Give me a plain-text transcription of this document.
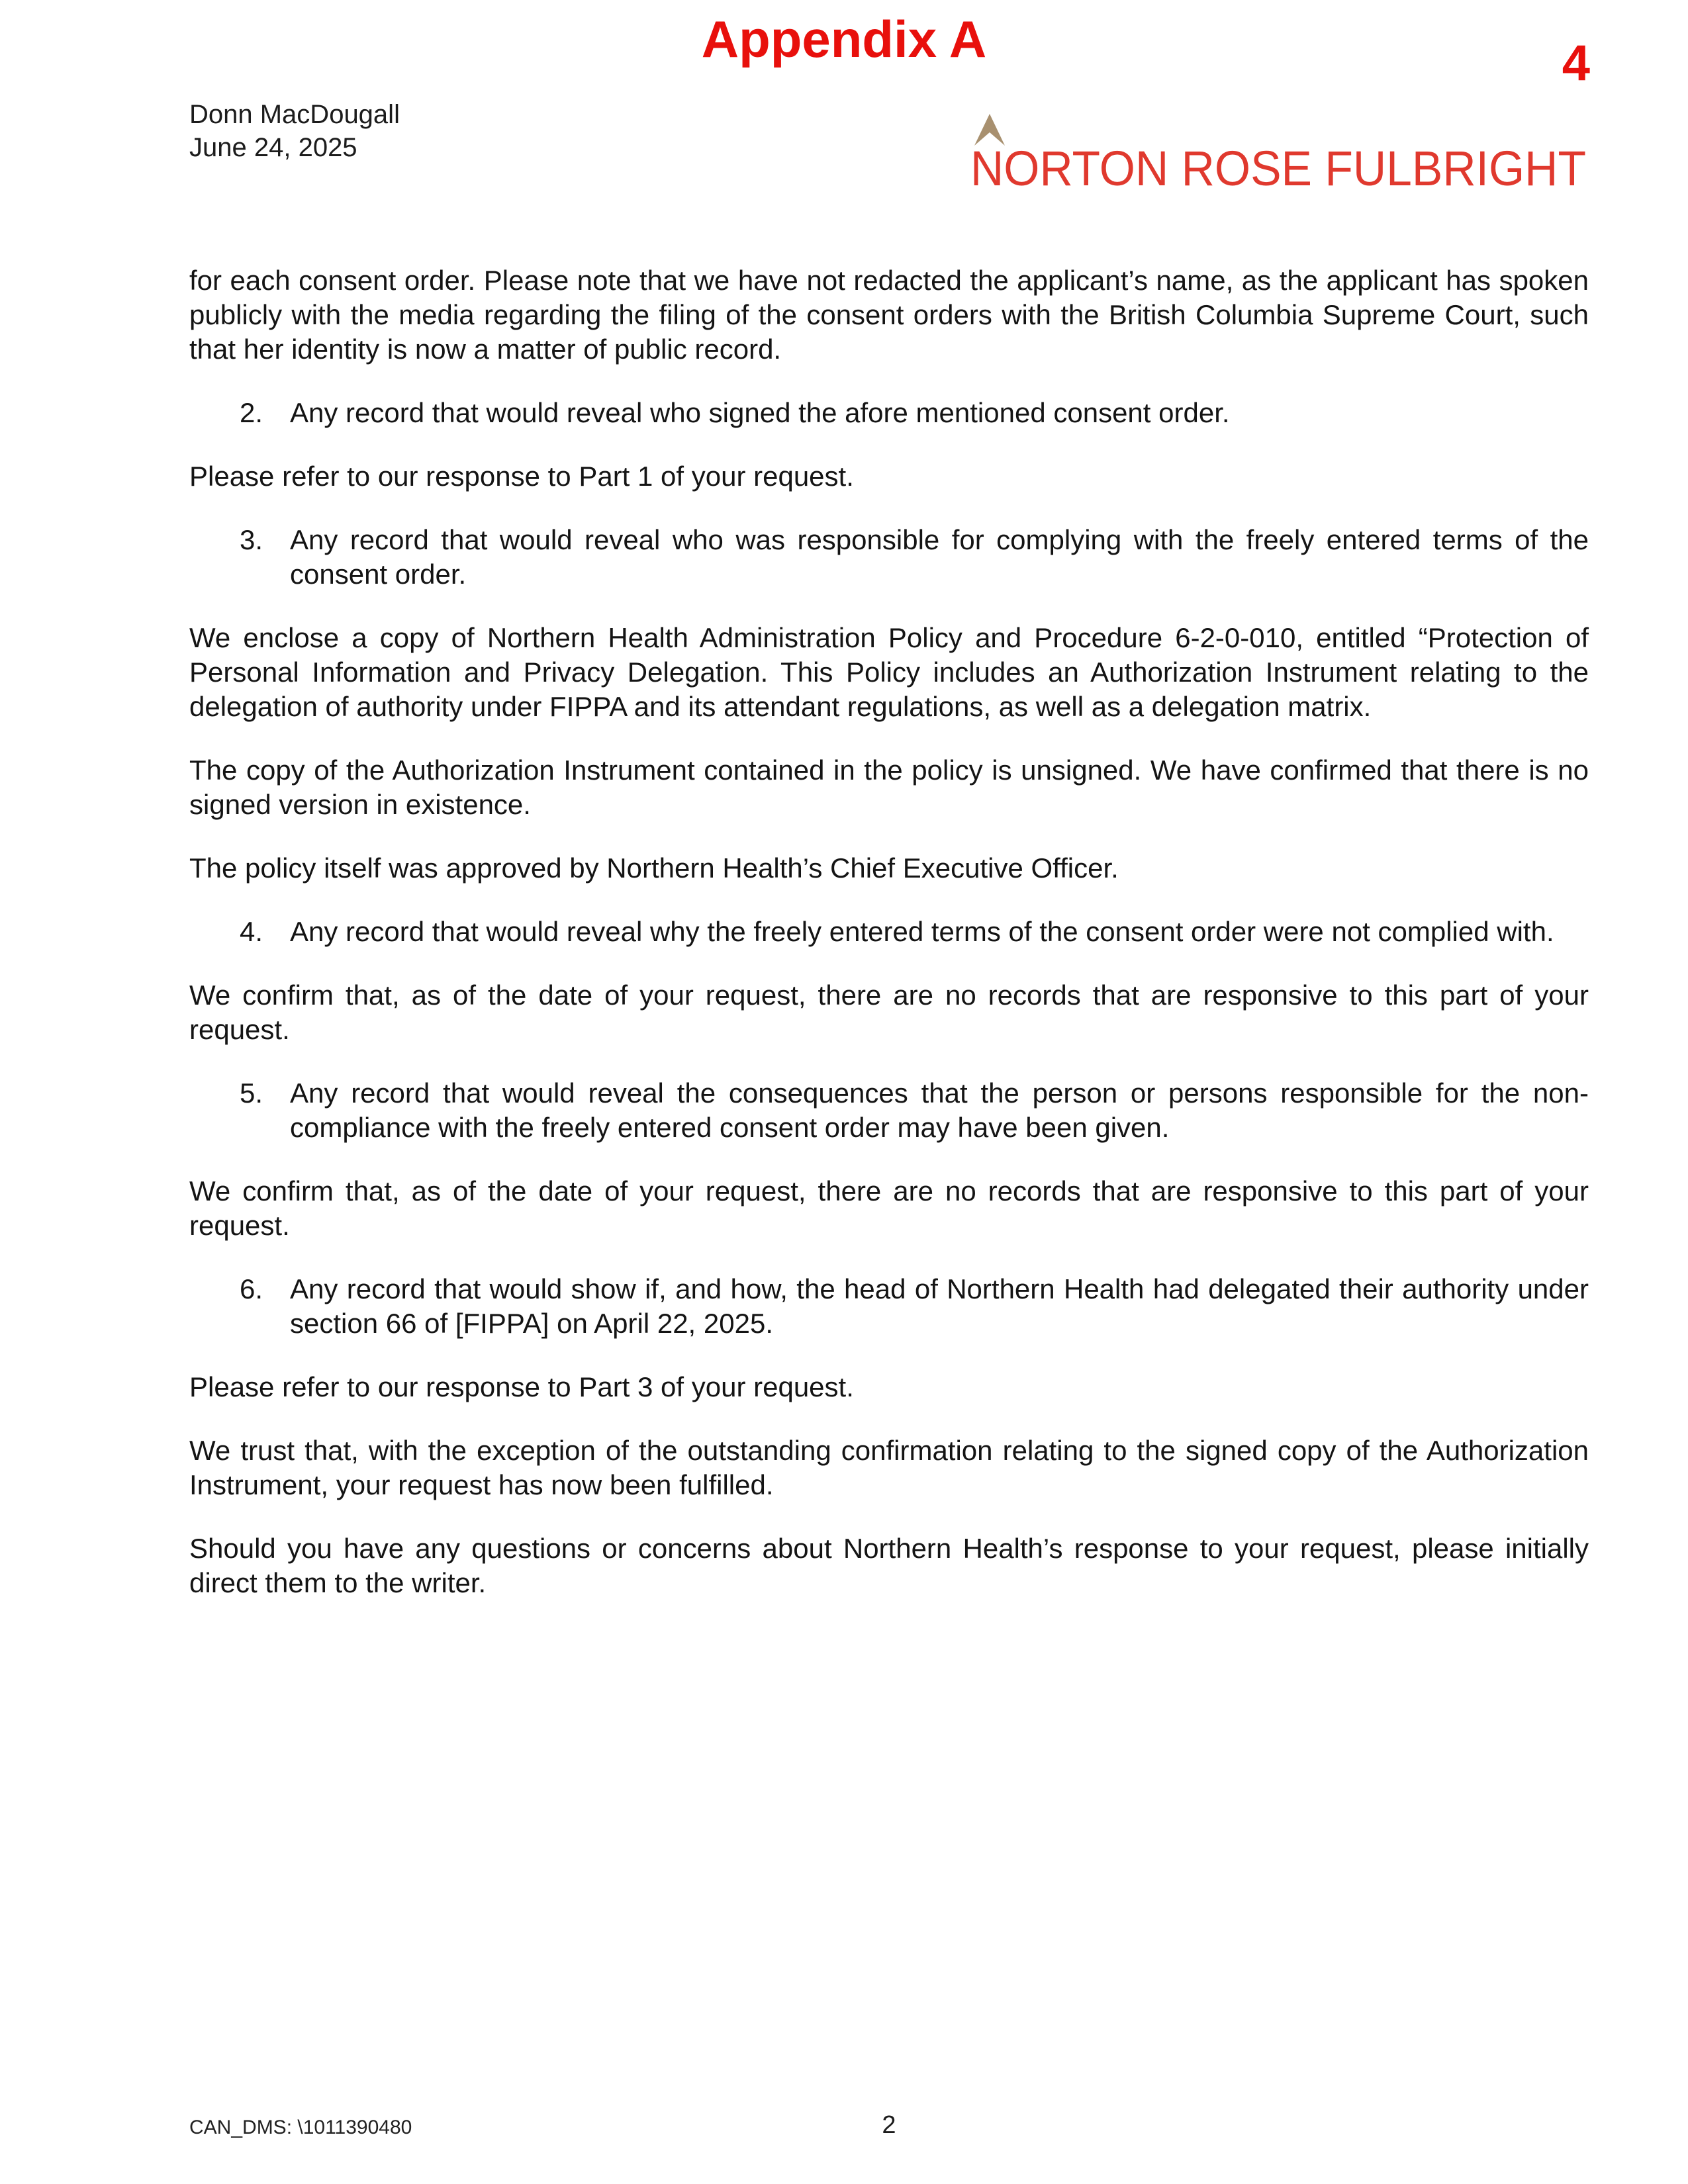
Appendix A	4
Donn MacDougall
June 24, 2025	NORTON ROSE FULBRIGHT

for each consent order. Please note that we have not redacted the applicant’s name, as the applicant has spoken publicly with the media regarding the filing of the consent orders with the British Columbia Supreme Court, such that her identity is now a matter of public record.

2. Any record that would reveal who signed the afore mentioned consent order.

Please refer to our response to Part 1 of your request.

3. Any record that would reveal who was responsible for complying with the freely entered terms of the consent order.

We enclose a copy of Northern Health Administration Policy and Procedure 6-2-0-010, entitled “Protection of Personal Information and Privacy Delegation. This Policy includes an Authorization Instrument relating to the delegation of authority under FIPPA and its attendant regulations, as well as a delegation matrix.

The copy of the Authorization Instrument contained in the policy is unsigned. We have confirmed that there is no signed version in existence.

The policy itself was approved by Northern Health’s Chief Executive Officer.

4. Any record that would reveal why the freely entered terms of the consent order were not complied with.

We confirm that, as of the date of your request, there are no records that are responsive to this part of your request.

5. Any record that would reveal the consequences that the person or persons responsible for the non-compliance with the freely entered consent order may have been given.

We confirm that, as of the date of your request, there are no records that are responsive to this part of your request.

6. Any record that would show if, and how, the head of Northern Health had delegated their authority under section 66 of [FIPPA] on April 22, 2025.

Please refer to our response to Part 3 of your request.

We trust that, with the exception of the outstanding confirmation relating to the signed copy of the Authorization Instrument, your request has now been fulfilled.

Should you have any questions or concerns about Northern Health’s response to your request, please initially direct them to the writer.

CAN_DMS: \1011390480	2
